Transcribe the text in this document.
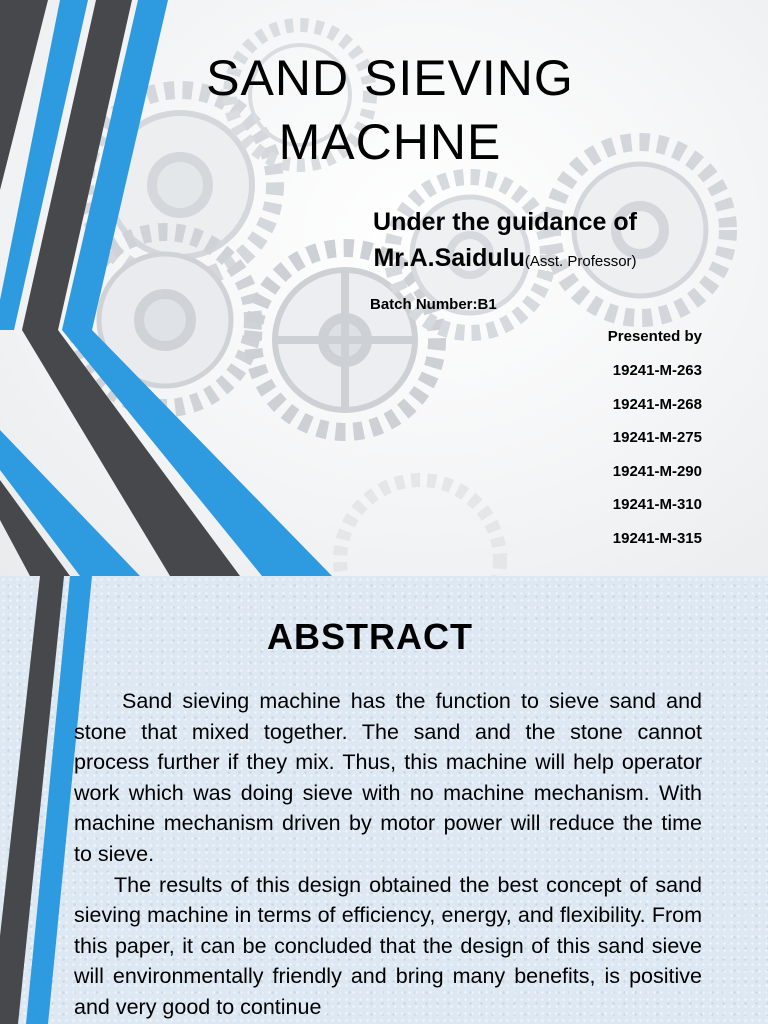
SAND SIEVING
MACHNE
Under the guidance of
Mr.A.Saidulu(Asst. Professor)
Batch Number:B1
Presented by
19241-M-263
19241-M-268
19241-M-275
19241-M-290
19241-M-310
19241-M-315
ABSTRACT

Sand sieving machine has the function to sieve sand and stone that mixed together. The sand and the stone cannot process further if they mix. Thus, this machine will help operator work which was doing sieve with no machine mechanism. With machine mechanism driven by motor power will reduce the time to sieve.

The results of this design obtained the best concept of sand sieving machine in terms of efficiency, energy, and flexibility. From this paper, it can be concluded that the design of this sand sieve will environmentally friendly and bring many benefits, is positive and very good to continue
